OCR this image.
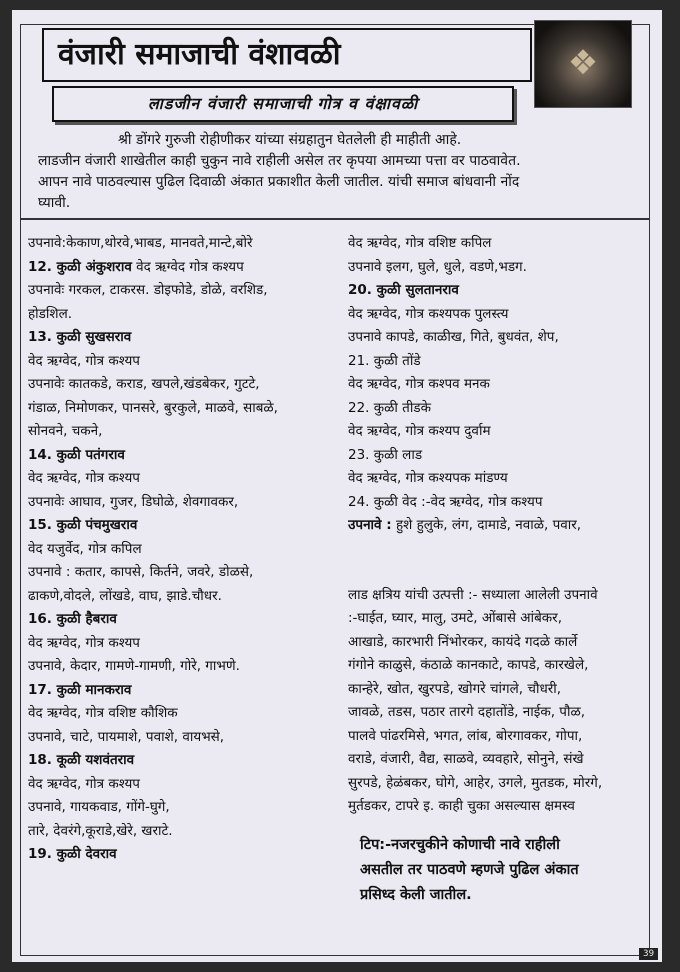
वंजारी समाजाची वंशावळी	❖
लाडजीन वंजारी समाजाची गोत्र व वंक्षावळी
श्री डोंगरे गुरुजी रोहीणीकर यांच्या संग्रहातुन घेतलेली ही माहीती आहे.
लाडजीन वंजारी शाखेतील काही चुकुन नावे राहीली असेल तर कृपया आमच्या पत्ता वर पाठवावेत.
आपन नावे पाठवल्यास पुढिल दिवाळी अंकात प्रकाशीत केली जातील. यांची समाज बांधवानी नोंद
घ्यावी.
उपनावे:केकाण,थोरवे,भाबड, मानवते,मान्टे,बोरे
12. कुळी अंकुशराव वेद ऋग्वेद गोत्र कश्यप
उपनावेः गरकल, टाकरस. डोइफोडे, डोळे, वरशिड,
होडशिल.
13. कुळी सुखसराव
वेद ऋग्वेद, गोत्र कश्यप
उपनावेः कातकडे, कराड, खपले,खंडबेकर, गुटटे,
गंडाळ, निमोणकर, पानसरे, बुरकुले, माळवे, साबळे,
सोनवने, चकने,
14. कुळी पतंगराव
वेद ऋग्वेद, गोत्र कश्यप
उपनावेः आघाव, गुजर, डिघोळे, शेवगावकर,
15. कुळी पंचमुखराव
वेद यजुर्वेद, गोत्र कपिल
उपनावे : कतार, कापसे, किर्तने, जवरे, डोळसे,
ढाकणे,वोदले, लोंखडे, वाघ, झाडे.चौधर.
16. कुळी हैबराव
वेद ऋग्वेद, गोत्र कश्यप
उपनावे, केदार, गामणे-गामणी, गोरे, गाभणे.
17. कुळी मानकराव
वेद ऋग्वेद, गोत्र वशिष्ट कौशिक
उपनावे, चाटे, पायमाशे, पवाशे, वायभसे,
18. कूळी यशवंतराव
वेद ऋग्वेद, गोत्र कश्यप
उपनावे, गायकवाड, गोंगे-घुगे,
तारे, देवरंगे,कूराडे,खेरे, खराटे.
19. कुळी देवराव
वेद ऋग्वेद, गोत्र वशिष्ट कपिल
उपनावे इलग, घुले, धुले, वडणे,भडग.
20. कुळी सुलतानराव
वेद ऋग्वेद, गोत्र कश्यपक पुलस्त्य
उपनावे कापडे, काळीख, गिते, बुधवंत, शेप,
21. कुळी तोंडे
वेद ऋग्वेद, गोत्र कश्पव मनक
22. कुळी तीडके
वेद ऋग्वेद, गोत्र कश्यप दुर्वाम
23. कुळी लाड
वेद ऋग्वेद, गोत्र कश्यपक मांडण्य
24. कुळी वेद :-वेद ऋग्वेद, गोत्र कश्यप
उपनावे : हुशे हुलुके, लंग, दामाडे, नवाळे, पवार,
लाड क्षत्रिय यांची उत्पत्ती :- सध्याला आलेली उपनावे
:-घाईत, घ्यार, मालु, उमटे, ओंबासे आंबेकर,
आखाडे, कारभारी निंभोरकर, कायंदे गदळे कार्ले
गंगोने काळुसे, कंठाळे कानकाटे, कापडे, कारखेले,
कान्हेरे, खोत, खुरपडे, खोगरे चांगले, चौधरी,
जावळे, तडस, पठार तारगे दहातोंडे, नाईक, पौळ,
पालवे पांढरमिसे, भगत, लांब, बोरगावकर, गोपा,
वराडे, वंजारी, वैद्य, साळवे, व्यवहारे, सोनुने, संखे
सुरपडे, हेळंबकर, घोगे, आहेर, उगले, मुतडक, मोरगे,
मुर्तडकर, टापरे इ. काही चुका असल्यास क्षमस्व
टिप:-नजरचुकीने कोणाची नावे राहीली
असतील तर पाठवणे म्हणजे पुढिल अंकात
प्रसिध्द केली जातील.
39
